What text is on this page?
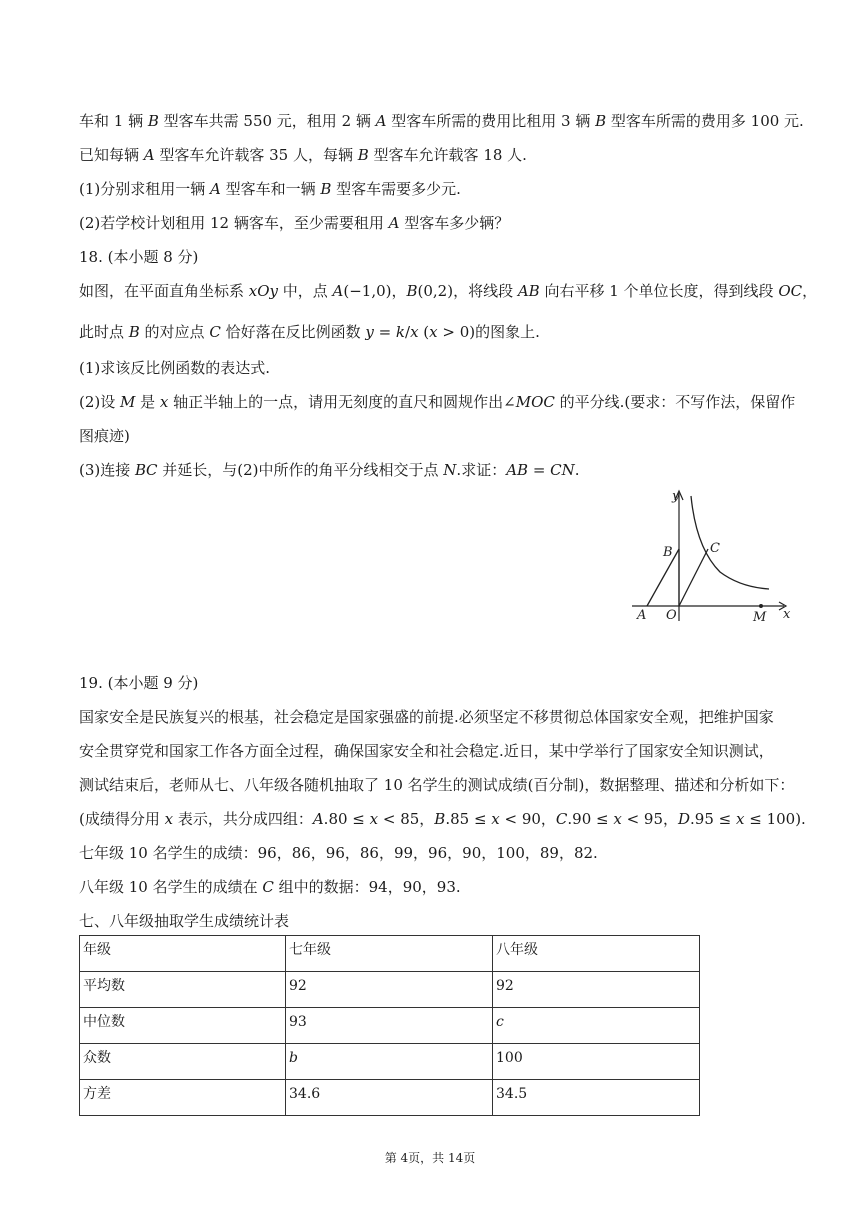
车和 1 辆 𝐵 型客车共需 550 元，租用 2 辆 𝐴 型客车所需的费用比租用 3 辆 𝐵 型客车所需的费用多 100 元.
已知每辆 𝐴 型客车允许载客 35 人，每辆 𝐵 型客车允许载客 18 人.
(1)分别求租用一辆 𝐴 型客车和一辆 𝐵 型客车需要多少元.
(2)若学校计划租用 12 辆客车，至少需要租用 𝐴 型客车多少辆？
18. (本小题 8 分)
如图，在平面直角坐标系 𝑥𝑂𝑦 中，点 𝐴(−1,0)，𝐵(0,2)，将线段 𝐴𝐵 向右平移 1 个单位长度，得到线段 𝑂𝐶，
此时点 𝐵 的对应点 𝐶 恰好落在反比例函数 𝑦 = 𝑘/𝑥 (𝑥 > 0)的图象上.
(1)求该反比例函数的表达式.
(2)设 𝑀 是 𝑥 轴正半轴上的一点，请用无刻度的直尺和圆规作出∠𝑀𝑂𝐶 的平分线.(要求：不写作法，保留作
图痕迹)
(3)连接 𝐵𝐶 并延长，与(2)中所作的角平分线相交于点 𝑁.求证：𝐴𝐵 = 𝐶𝑁.
y
x
B	C
A O	M
19. (本小题 9 分)
国家安全是民族复兴的根基，社会稳定是国家强盛的前提.必须坚定不移贯彻总体国家安全观，把维护国家
安全贯穿党和国家工作各方面全过程，确保国家安全和社会稳定.近日，某中学举行了国家安全知识测试，
测试结束后，老师从七、八年级各随机抽取了 10 名学生的测试成绩(百分制)，数据整理、描述和分析如下：
(成绩得分用 𝑥 表示，共分成四组：𝐴.80 ≤ 𝑥 < 85，𝐵.85 ≤ 𝑥 < 90，𝐶.90 ≤ 𝑥 < 95，𝐷.95 ≤ 𝑥 ≤ 100).
七年级 10 名学生的成绩：96，86，96，86，99，96，90，100，89，82.
八年级 10 名学生的成绩在 𝐶 组中的数据：94，90，93.
七、八年级抽取学生成绩统计表
年级	七年级	八年级
平均数	92	92
中位数	93	𝑐
众数	𝑏	100
方差	34.6	34.5
第 4页，共 14页
